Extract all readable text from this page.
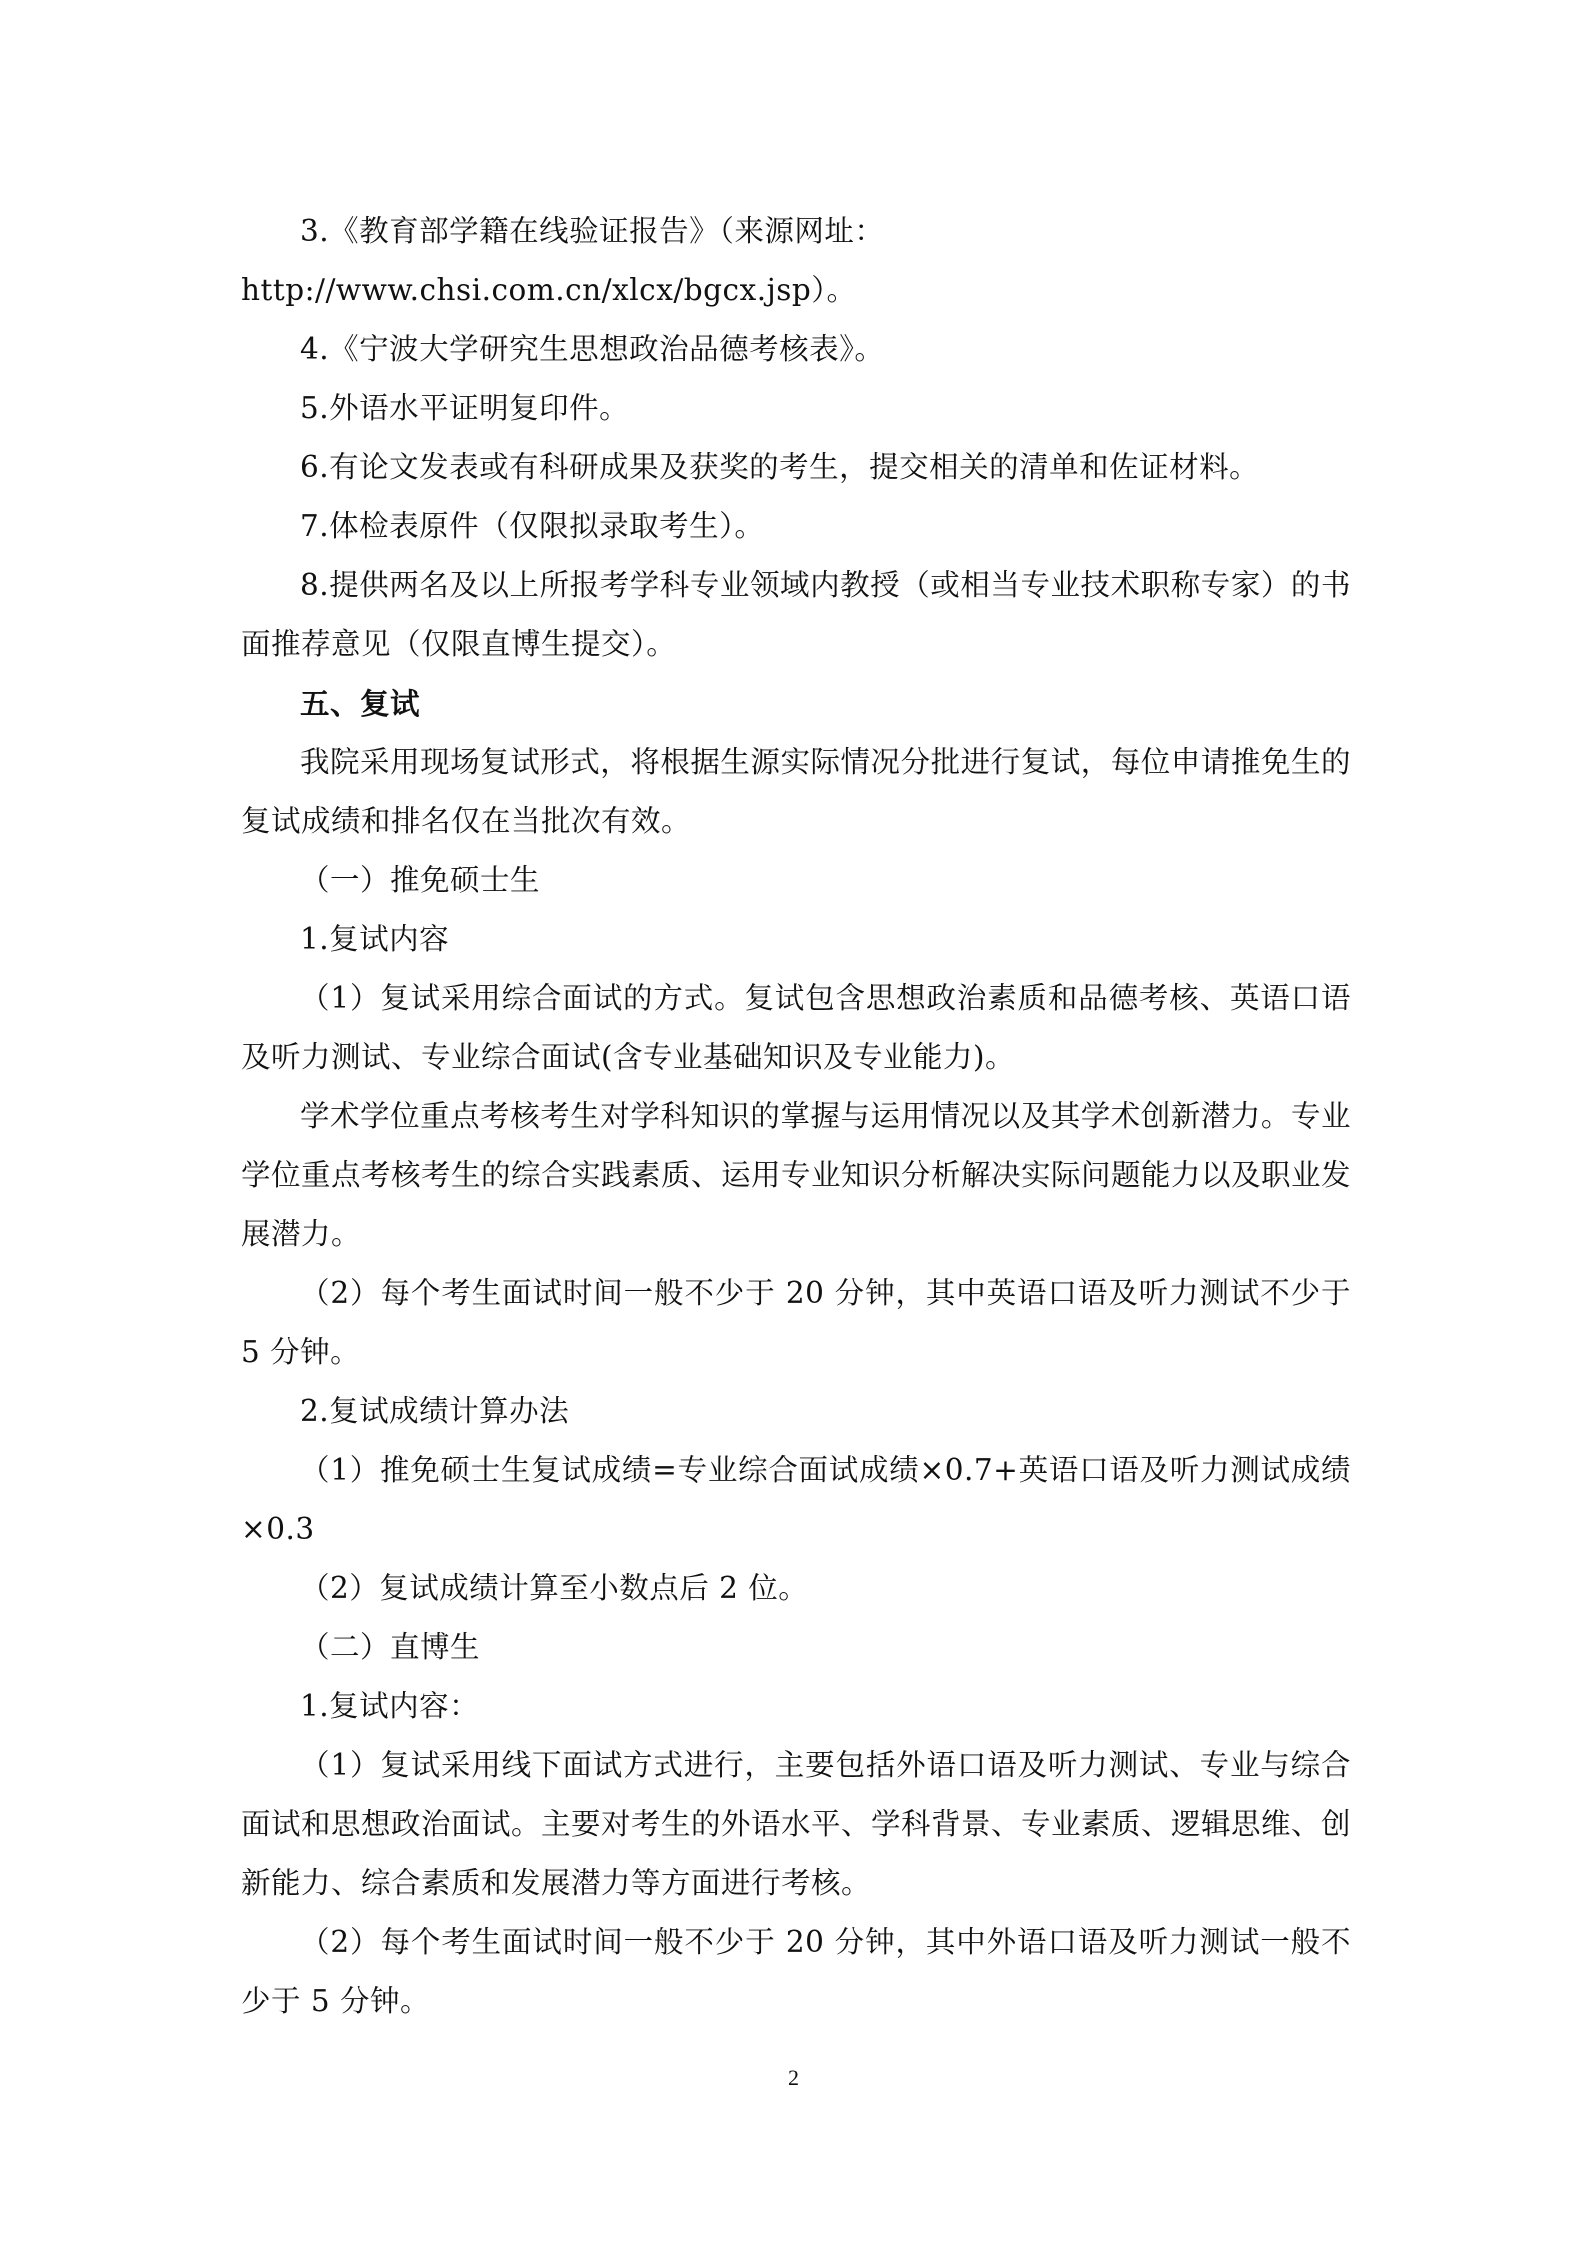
3.《教育部学籍在线验证报告》（来源网址：

http://www.chsi.com.cn/xlcx/bgcx.jsp）。

4.《宁波大学研究生思想政治品德考核表》。

5.外语水平证明复印件。

6.有论文发表或有科研成果及获奖的考生，提交相关的清单和佐证材料。

7.体检表原件（仅限拟录取考生）。

8.提供两名及以上所报考学科专业领域内教授（或相当专业技术职称专家）的书面推荐意见（仅限直博生提交）。

五、复试

我院采用现场复试形式，将根据生源实际情况分批进行复试，每位申请推免生的复试成绩和排名仅在当批次有效。

（一）推免硕士生

1.复试内容

（1）复试采用综合面试的方式。复试包含思想政治素质和品德考核、英语口语及听力测试、专业综合面试(含专业基础知识及专业能力)。

学术学位重点考核考生对学科知识的掌握与运用情况以及其学术创新潜力。专业学位重点考核考生的综合实践素质、运用专业知识分析解决实际问题能力以及职业发展潜力。

（2）每个考生面试时间一般不少于 20 分钟，其中英语口语及听力测试不少于 5 分钟。

2.复试成绩计算办法

（1）推免硕士生复试成绩=专业综合面试成绩×0.7+英语口语及听力测试成绩×0.3

（2）复试成绩计算至小数点后 2 位。

（二）直博生

1.复试内容：

（1）复试采用线下面试方式进行，主要包括外语口语及听力测试、专业与综合面试和思想政治面试。主要对考生的外语水平、学科背景、专业素质、逻辑思维、创新能力、综合素质和发展潜力等方面进行考核。

（2）每个考生面试时间一般不少于 20 分钟，其中外语口语及听力测试一般不少于 5 分钟。

2
